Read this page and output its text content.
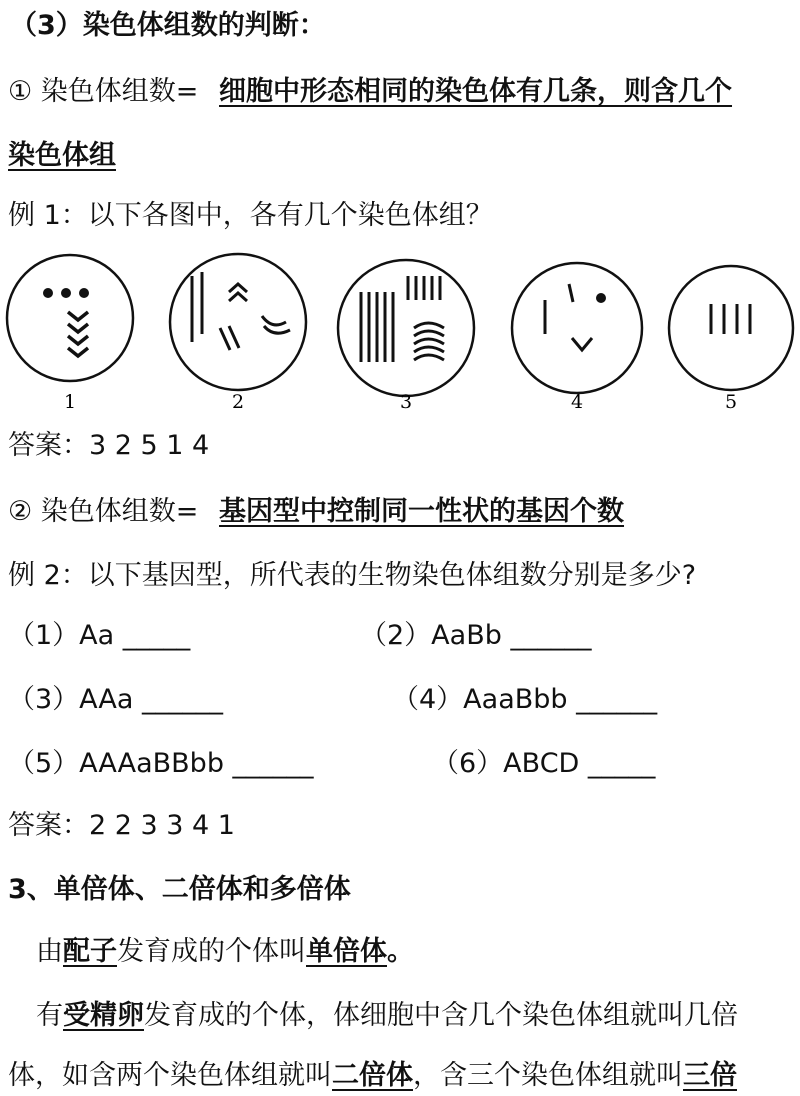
（3）染色体组数的判断：
① 染色体组数= 细胞中形态相同的染色体有几条，则含几个
染色体组
例 1：以下各图中，各有几个染色体组？
1	2	3	4	5
答案：3 2 5 1 4
② 染色体组数= 基因型中控制同一性状的基因个数
例 2：以下基因型，所代表的生物染色体组数分别是多少?
（1）Aa _____	（2）AaBb ______
（3）AAa ______	（4）AaaBbb ______
（5）AAAaBBbb ______	（6）ABCD _____
答案：2 2 3 3 4 1
3、单倍体、二倍体和多倍体
由配子发育成的个体叫单倍体。
有受精卵发育成的个体，体细胞中含几个染色体组就叫几倍
体，如含两个染色体组就叫二倍体，含三个染色体组就叫三倍
